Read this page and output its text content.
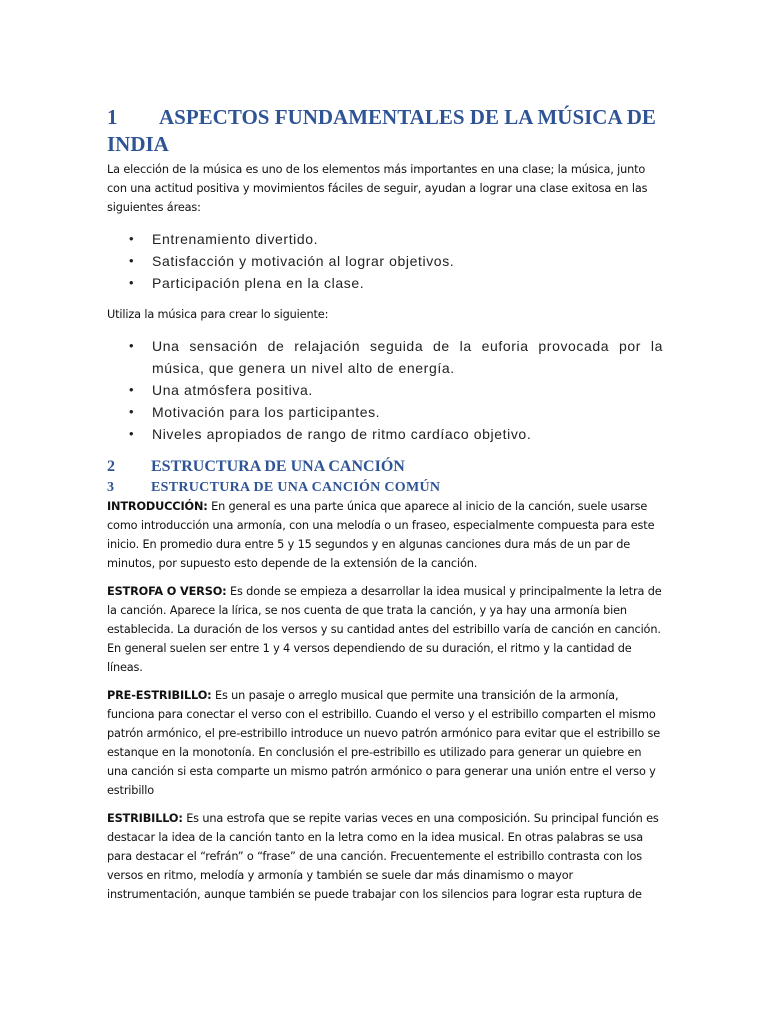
1 ASPECTOS FUNDAMENTALES DE LA MÚSICA DE INDIA

La elección de la música es uno de los elementos más importantes en una clase; la música, junto con una actitud positiva y movimientos fáciles de seguir, ayudan a lograr una clase exitosa en las siguientes áreas:

• Entrenamiento divertido.
• Satisfacción y motivación al lograr objetivos.
• Participación plena en la clase.

Utiliza la música para crear lo siguiente:

• Una sensación de relajación seguida de la euforia provocada por la música, que genera un nivel alto de energía.
• Una atmósfera positiva.
• Motivación para los participantes.
• Niveles apropiados de rango de ritmo cardíaco objetivo.
2 ESTRUCTURA DE UNA CANCIÓN
3	ESTRUCTURA DE UNA CANCIÓN COMÚN

INTRODUCCIÓN: En general es una parte única que aparece al inicio de la canción, suele usarse como introducción una armonía, con una melodía o un fraseo, especialmente compuesta para este inicio. En promedio dura entre 5 y 15 segundos y en algunas canciones dura más de un par de minutos, por supuesto esto depende de la extensión de la canción.

ESTROFA O VERSO: Es donde se empieza a desarrollar la idea musical y principalmente la letra de la canción. Aparece la lírica, se nos cuenta de que trata la canción, y ya hay una armonía bien establecida. La duración de los versos y su cantidad antes del estribillo varía de canción en canción. En general suelen ser entre 1 y 4 versos dependiendo de su duración, el ritmo y la cantidad de líneas.

PRE-ESTRIBILLO: Es un pasaje o arreglo musical que permite una transición de la armonía, funciona para conectar el verso con el estribillo. Cuando el verso y el estribillo comparten el mismo patrón armónico, el pre-estribillo introduce un nuevo patrón armónico para evitar que el estribillo se estanque en la monotonía. En conclusión el pre-estribillo es utilizado para generar un quiebre en una canción si esta comparte un mismo patrón armónico o para generar una unión entre el verso y estribillo

ESTRIBILLO: Es una estrofa que se repite varias veces en una composición. Su principal función es destacar la idea de la canción tanto en la letra como en la idea musical. En otras palabras se usa para destacar el “refrán” o “frase” de una canción. Frecuentemente el estribillo contrasta con los versos en ritmo, melodía y armonía y también se suele dar más dinamismo o mayor instrumentación, aunque también se puede trabajar con los silencios para lograr esta ruptura de
